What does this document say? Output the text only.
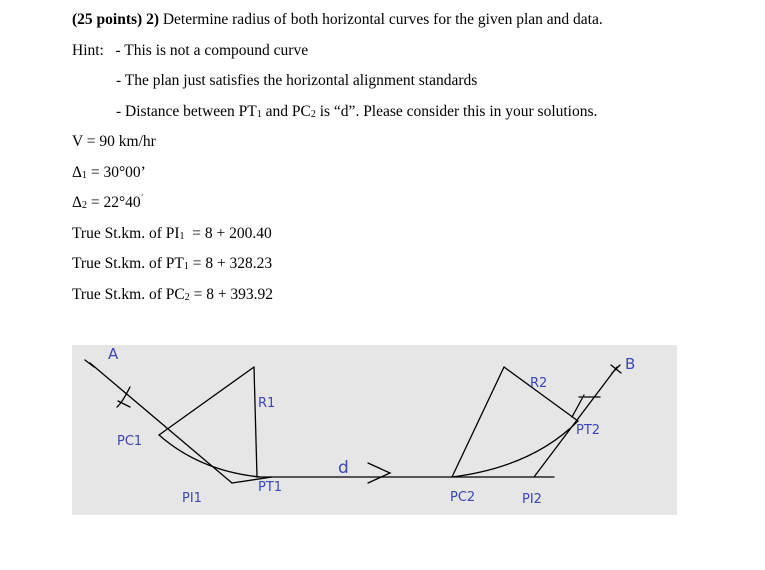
(25 points) 2) Determine radius of both horizontal curves for the given plan and data.
Hint: - This is not a compound curve
- The plan just satisfies the horizontal alignment standards
- Distance between $PT_1$ and $PC_2$ is “d”. Please consider this in your solutions.
V = 90 km/hr
$\Delta_1 = 30^\circ 00$’
$\Delta_2 = 22^\circ 40^ˊ$
True St.km. of $PI_1 = 8 + 200.40$
True St.km. of $PT_1 = 8 + 328.23$
True St.km. of $PC_2 = 8 + 393.92$
A
B
R1
R2
PC1
PI1
PT1
d
PC2	PI2
PT2
